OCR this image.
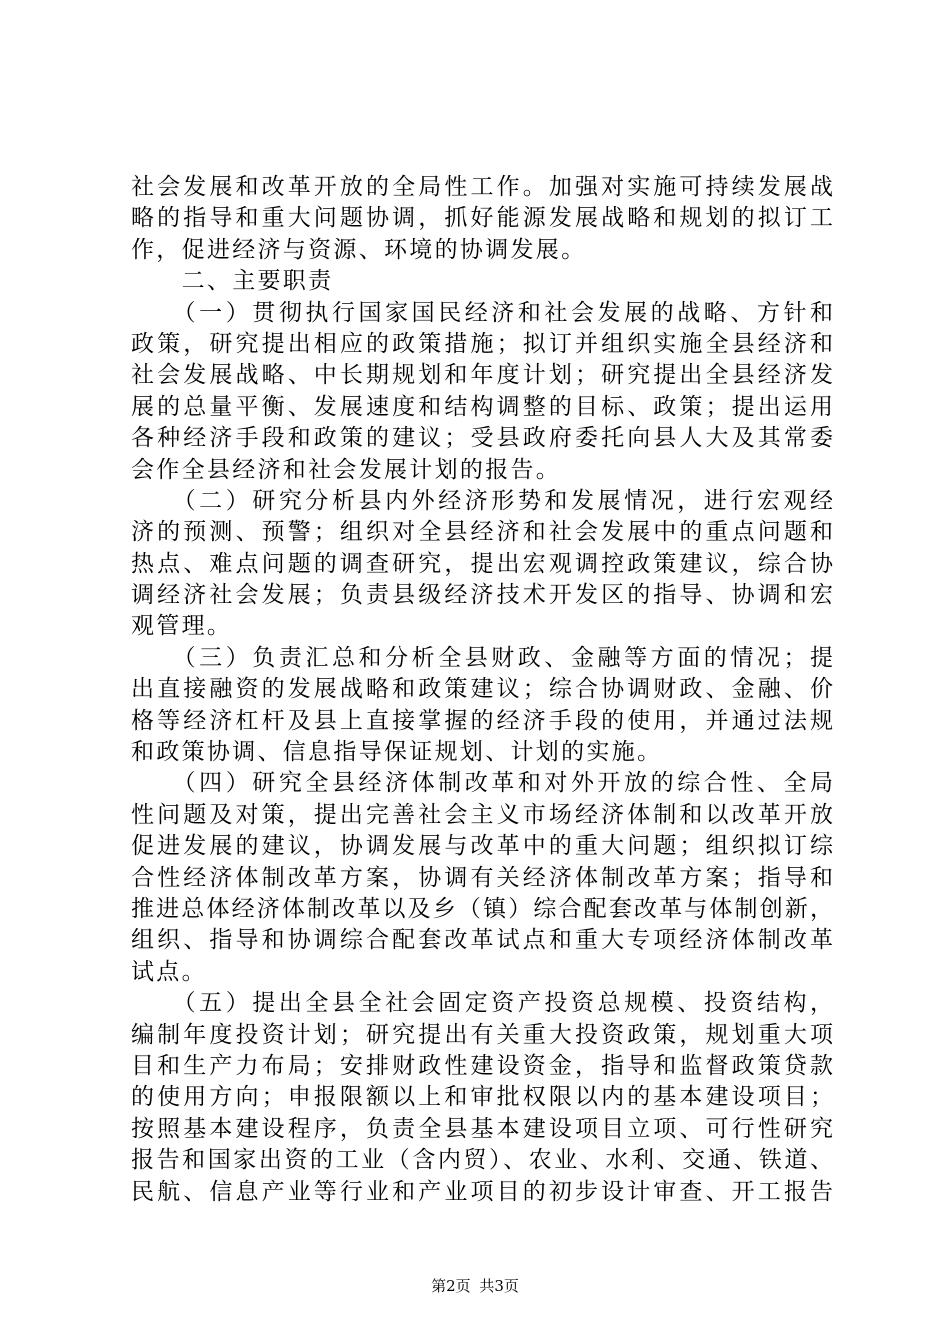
社会发展和改革开放的全局性工作。加强对实施可持续发展战
略的指导和重大问题协调，抓好能源发展战略和规划的拟订工
作，促进经济与资源、环境的协调发展。
　　二、主要职责
　　（一）贯彻执行国家国民经济和社会发展的战略、方针和
政策，研究提出相应的政策措施；拟订并组织实施全县经济和
社会发展战略、中长期规划和年度计划；研究提出全县经济发
展的总量平衡、发展速度和结构调整的目标、政策；提出运用
各种经济手段和政策的建议；受县政府委托向县人大及其常委
会作全县经济和社会发展计划的报告。
　　（二）研究分析县内外经济形势和发展情况，进行宏观经
济的预测、预警；组织对全县经济和社会发展中的重点问题和
热点、难点问题的调查研究，提出宏观调控政策建议，综合协
调经济社会发展；负责县级经济技术开发区的指导、协调和宏
观管理。
　　（三）负责汇总和分析全县财政、金融等方面的情况；提
出直接融资的发展战略和政策建议；综合协调财政、金融、价
格等经济杠杆及县上直接掌握的经济手段的使用，并通过法规
和政策协调、信息指导保证规划、计划的实施。
　　（四）研究全县经济体制改革和对外开放的综合性、全局
性问题及对策，提出完善社会主义市场经济体制和以改革开放
促进发展的建议，协调发展与改革中的重大问题；组织拟订综
合性经济体制改革方案，协调有关经济体制改革方案；指导和
推进总体经济体制改革以及乡（镇）综合配套改革与体制创新，
组织、指导和协调综合配套改革试点和重大专项经济体制改革
试点。
　　（五）提出全县全社会固定资产投资总规模、投资结构，
编制年度投资计划；研究提出有关重大投资政策，规划重大项
目和生产力布局；安排财政性建设资金，指导和监督政策贷款
的使用方向；申报限额以上和审批权限以内的基本建设项目；
按照基本建设程序，负责全县基本建设项目立项、可行性研究
报告和国家出资的工业（含内贸）、农业、水利、交通、铁道、
民航、信息产业等行业和产业项目的初步设计审查、开工报告
第2页 共3页
